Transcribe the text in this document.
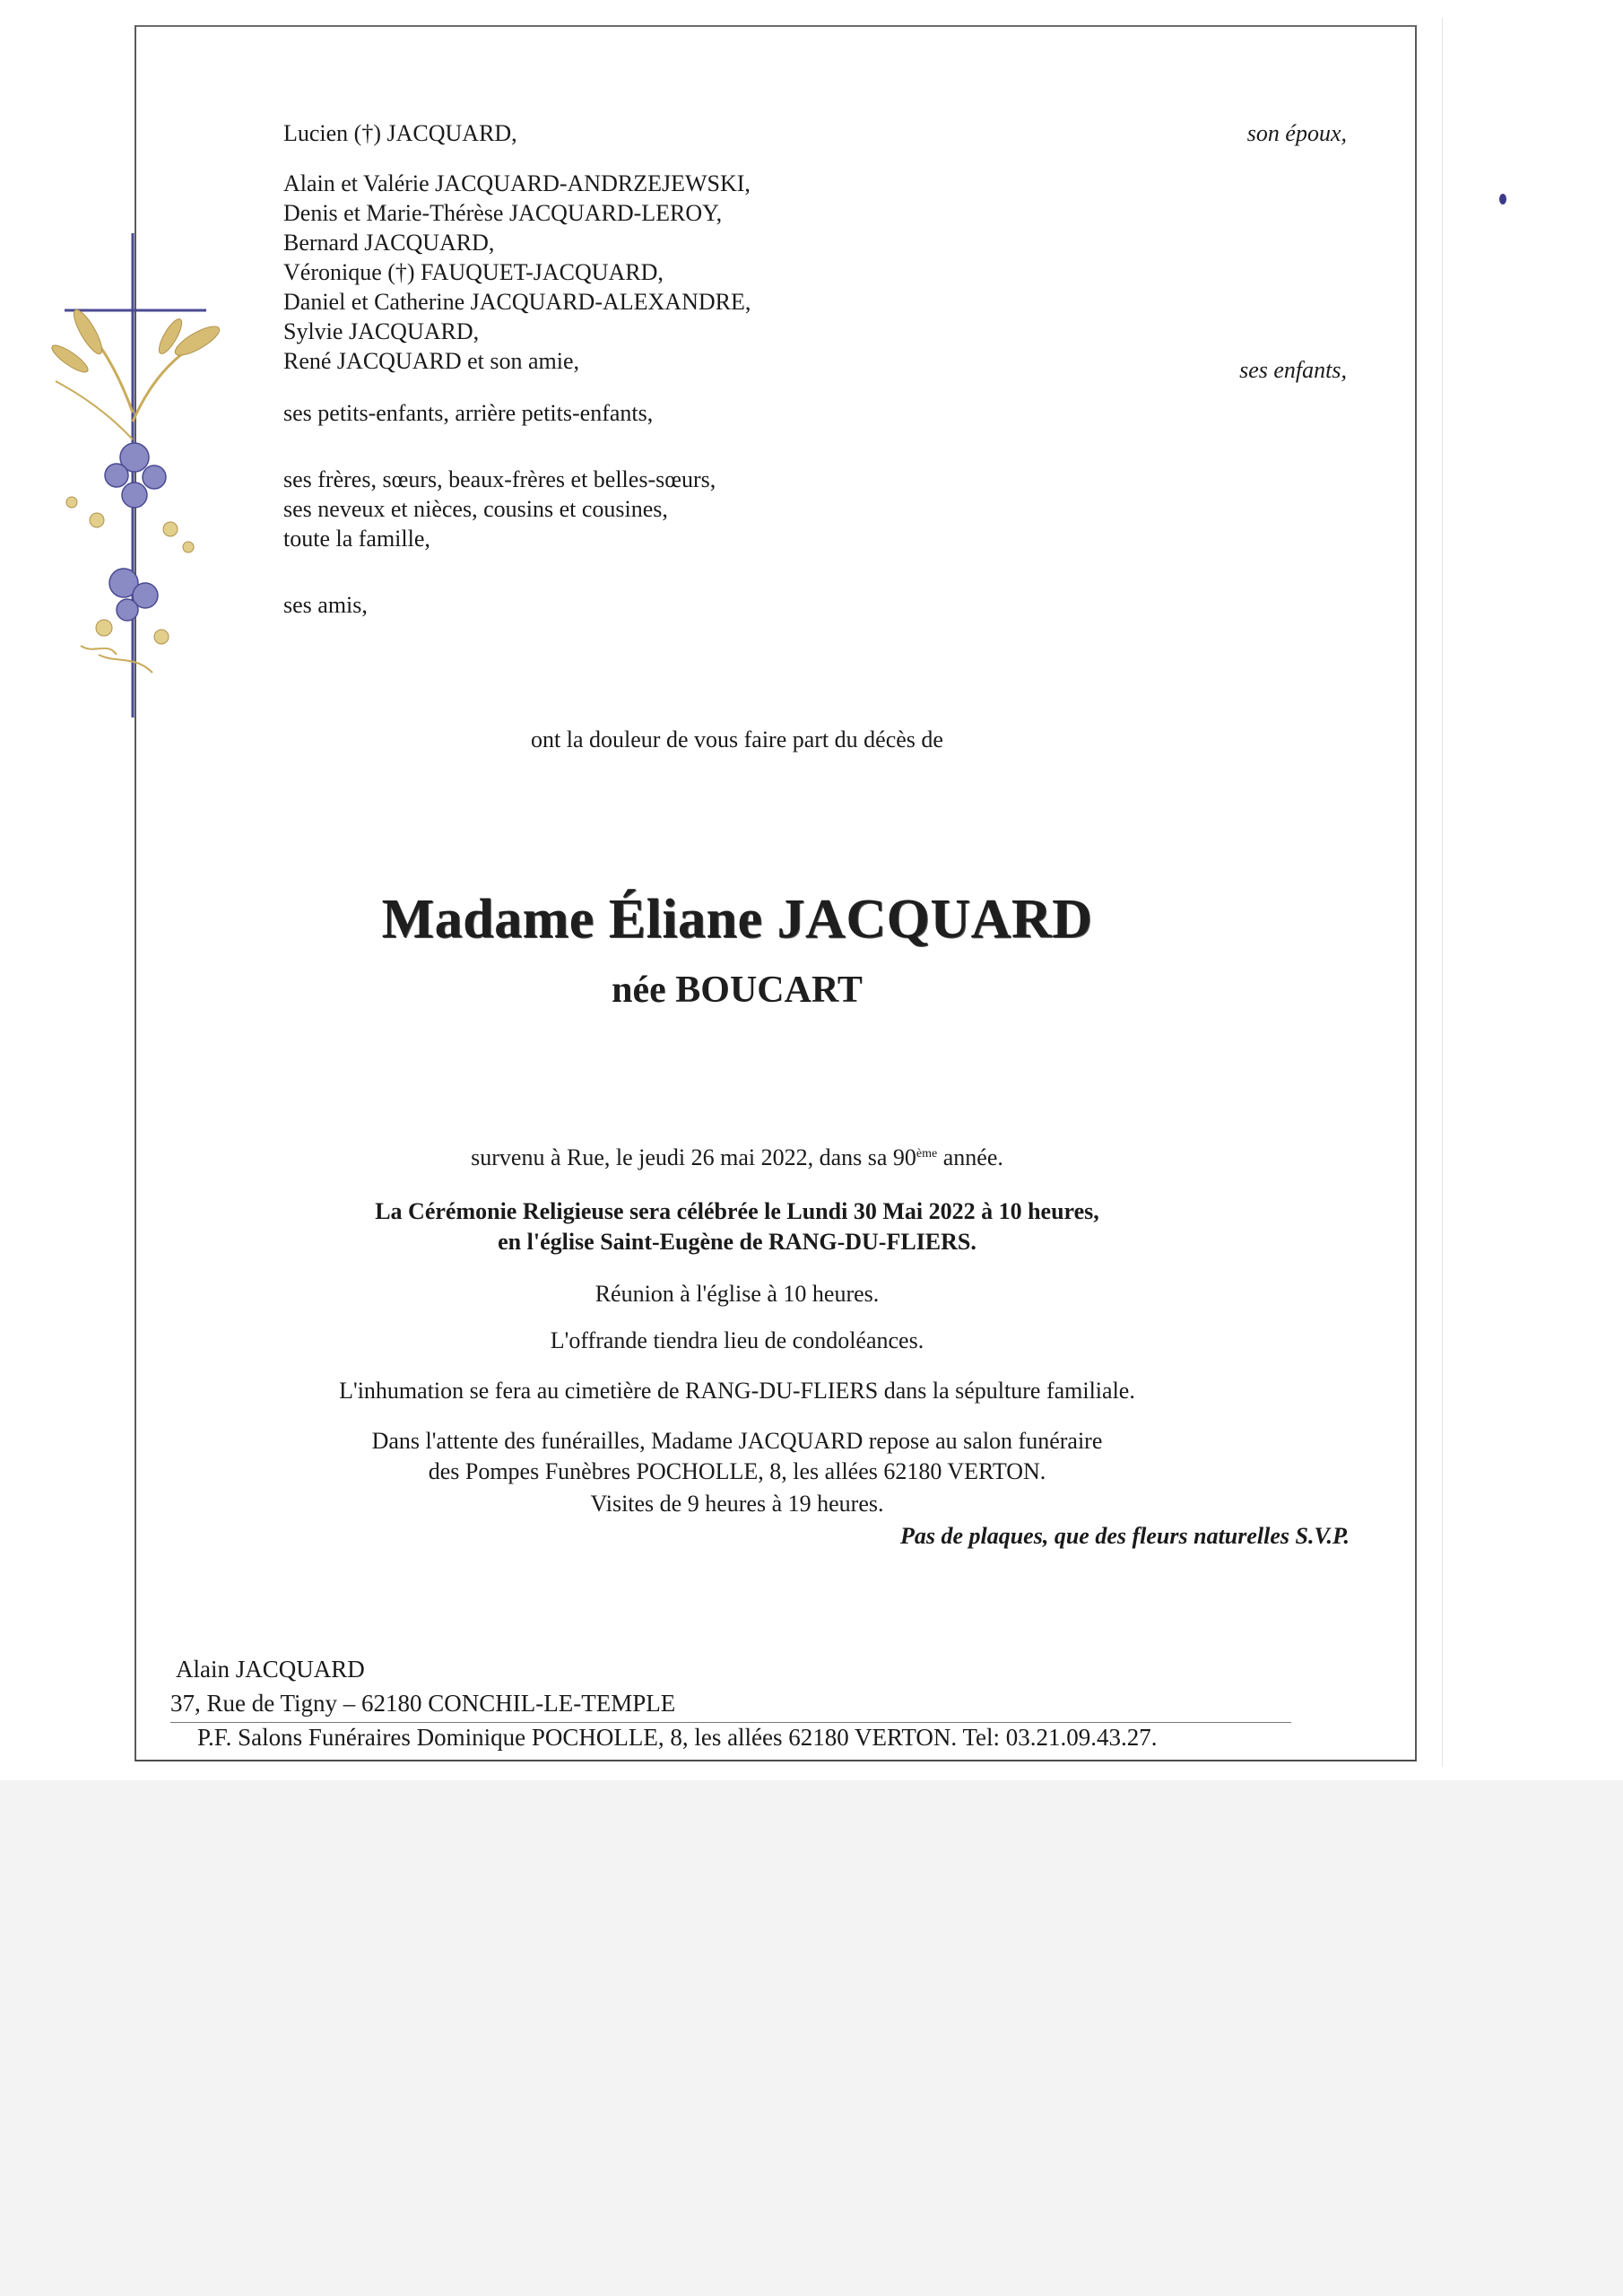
Lucien (†) JACQUARD,
Alain et Valérie JACQUARD-ANDRZEJEWSKI,
Denis et Marie-Thérèse JACQUARD-LEROY,
Bernard JACQUARD,
Véronique (†) FAUQUET-JACQUARD,
Daniel et Catherine JACQUARD-ALEXANDRE,
Sylvie JACQUARD,
René JACQUARD et son amie,
ses petits-enfants, arrière petits-enfants,
ses frères, sœurs, beaux-frères et belles-sœurs,
ses neveux et nièces, cousins et cousines,
toute la famille,
ses amis,
son époux,
ses enfants,
ont la douleur de vous faire part du décès de
Madame Éliane JACQUARD
née BOUCART
survenu à Rue, le jeudi 26 mai 2022, dans sa 90ème année.
La Cérémonie Religieuse sera célébrée le Lundi 30 Mai 2022 à 10 heures,
en l'église Saint-Eugène de RANG-DU-FLIERS.
Réunion à l'église à 10 heures.
L'offrande tiendra lieu de condoléances.
L'inhumation se fera au cimetière de RANG-DU-FLIERS dans la sépulture familiale.
Dans l'attente des funérailles, Madame JACQUARD repose au salon funéraire
des Pompes Funèbres POCHOLLE, 8, les allées 62180 VERTON.
Visites de 9 heures à 19 heures.
Pas de plaques, que des fleurs naturelles S.V.P.
Alain JACQUARD
37, Rue de Tigny – 62180 CONCHIL-LE-TEMPLE
P.F. Salons Funéraires Dominique POCHOLLE, 8, les allées 62180 VERTON. Tel: 03.21.09.43.27.
